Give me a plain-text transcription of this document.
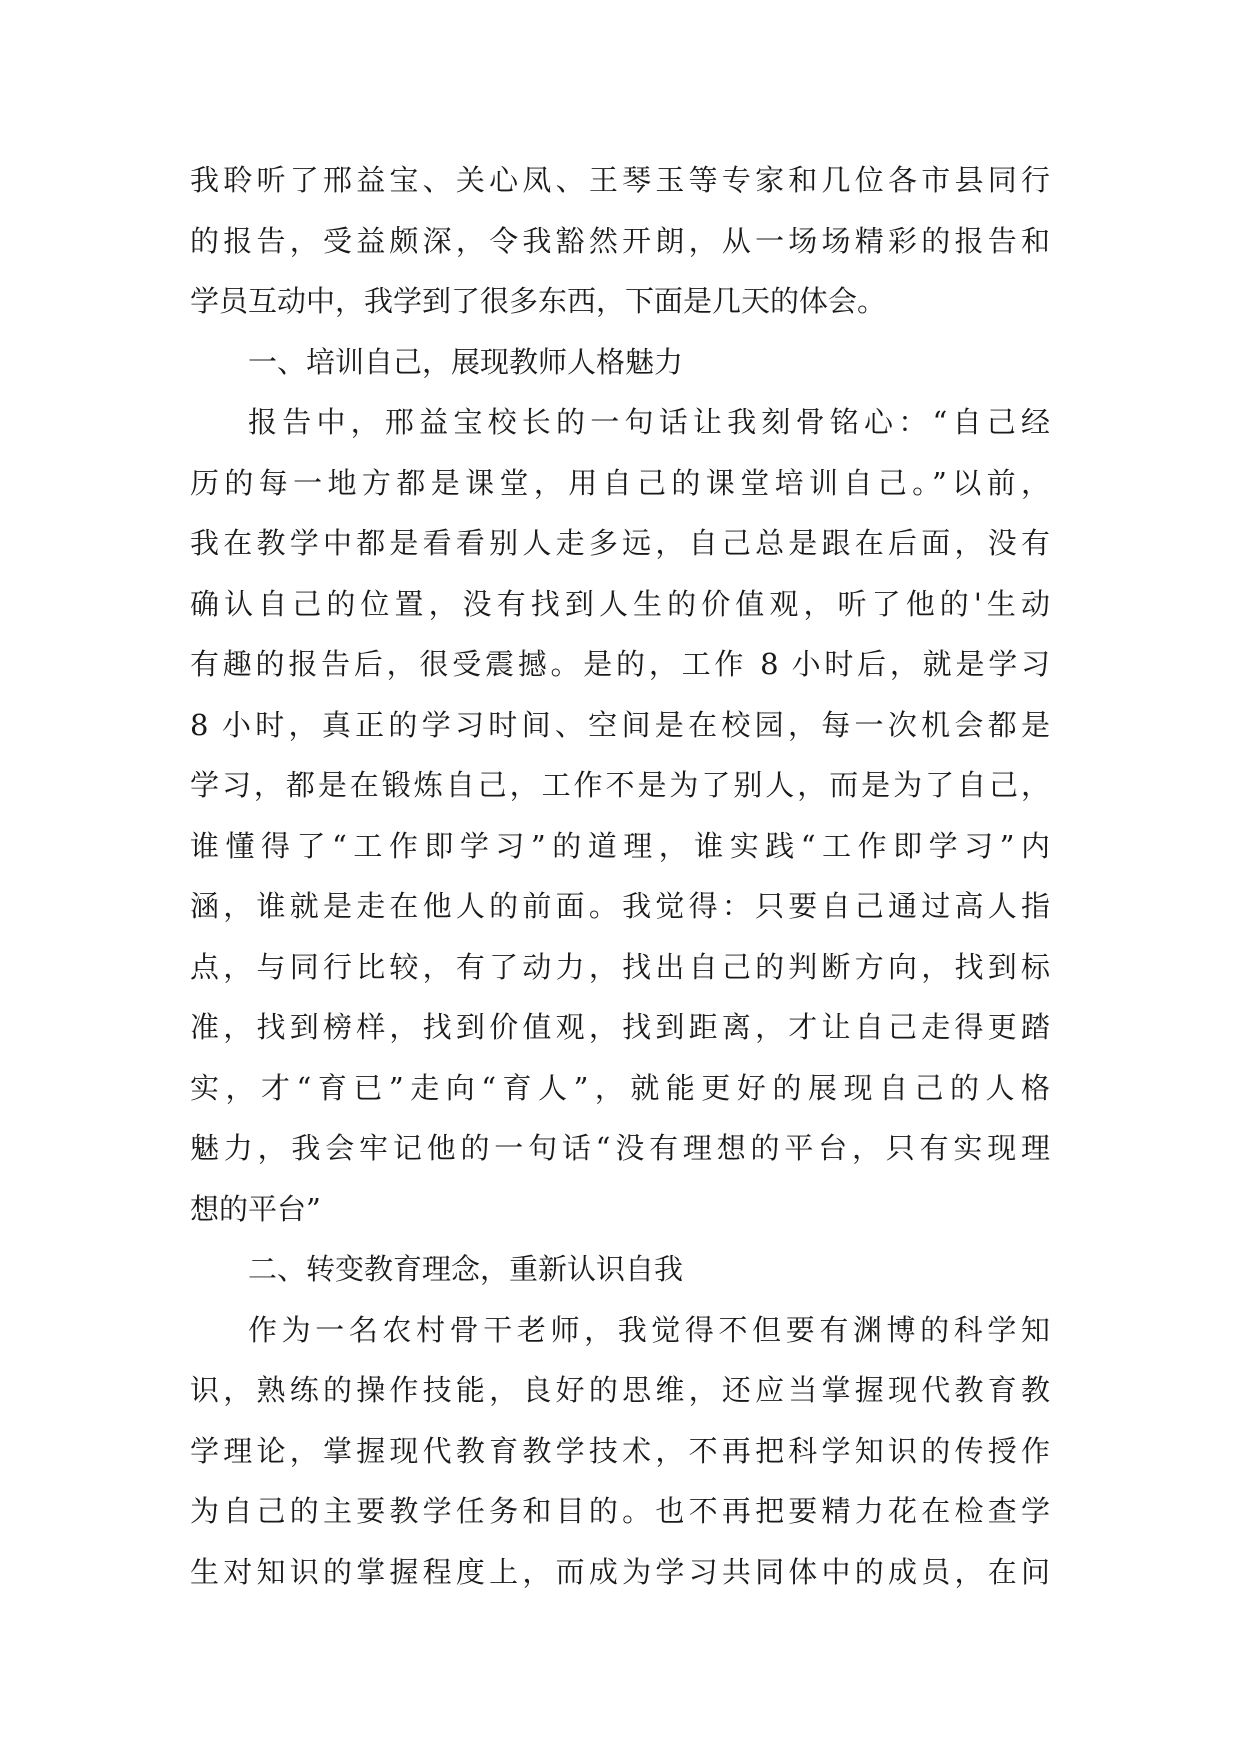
我聆听了邢益宝、关心凤、王琴玉等专家和几位各市县同行
的报告，受益颇深，令我豁然开朗，从一场场精彩的报告和
学员互动中，我学到了很多东西，下面是几天的体会。
一、培训自己，展现教师人格魅力
报告中，邢益宝校长的一句话让我刻骨铭心：“自己经
历的每一地方都是课堂，用自己的课堂培训自己。”以前，
我在教学中都是看看别人走多远，自己总是跟在后面，没有
确认自己的位置，没有找到人生的价值观，听了他的'生动
有趣的报告后，很受震撼。是的，工作 8 小时后，就是学习
8 小时，真正的学习时间、空间是在校园，每一次机会都是
学习，都是在锻炼自己，工作不是为了别人，而是为了自己，
谁懂得了“工作即学习”的道理，谁实践“工作即学习”内
涵，谁就是走在他人的前面。我觉得：只要自己通过高人指
点，与同行比较，有了动力，找出自己的判断方向，找到标
准，找到榜样，找到价值观，找到距离，才让自己走得更踏
实，才“育已”走向“育人”，就能更好的展现自己的人格
魅力，我会牢记他的一句话“没有理想的平台，只有实现理
想的平台”
二、转变教育理念，重新认识自我
作为一名农村骨干老师，我觉得不但要有渊博的科学知
识，熟练的操作技能，良好的思维，还应当掌握现代教育教
学理论，掌握现代教育教学技术，不再把科学知识的传授作
为自己的主要教学任务和目的。也不再把要精力花在检查学
生对知识的掌握程度上，而成为学习共同体中的成员，在问
